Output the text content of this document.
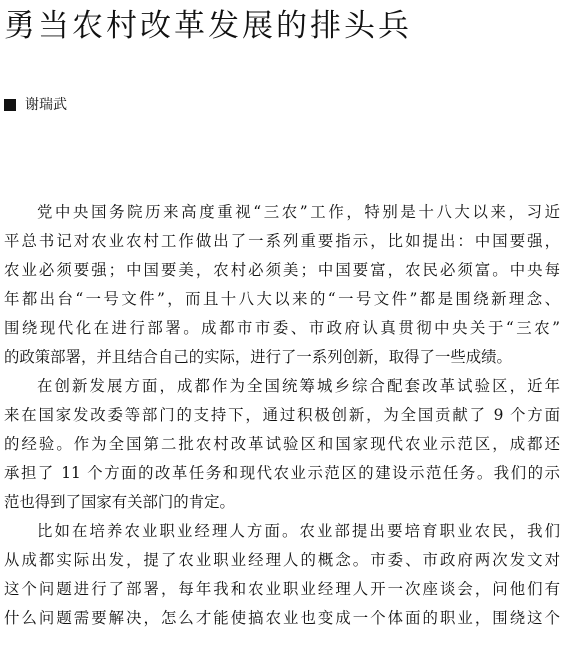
勇当农村改革发展的排头兵
谢瑞武
党中央国务院历来高度重视“三农”工作，特别是十八大以来，习近
平总书记对农业农村工作做出了一系列重要指示，比如提出：中国要强，
农业必须要强；中国要美，农村必须美；中国要富，农民必须富。中央每
年都出台“一号文件”，而且十八大以来的“一号文件”都是围绕新理念、
围绕现代化在进行部署。成都市市委、市政府认真贯彻中央关于“三农”
的政策部署，并且结合自己的实际，进行了一系列创新，取得了一些成绩。
在创新发展方面，成都作为全国统筹城乡综合配套改革试验区，近年
来在国家发改委等部门的支持下，通过积极创新，为全国贡献了 9 个方面
的经验。作为全国第二批农村改革试验区和国家现代农业示范区，成都还
承担了 11 个方面的改革任务和现代农业示范区的建设示范任务。我们的示
范也得到了国家有关部门的肯定。
比如在培养农业职业经理人方面。农业部提出要培育职业农民，我们
从成都实际出发，提了农业职业经理人的概念。市委、市政府两次发文对
这个问题进行了部署，每年我和农业职业经理人开一次座谈会，问他们有
什么问题需要解决，怎么才能使搞农业也变成一个体面的职业，围绕这个
